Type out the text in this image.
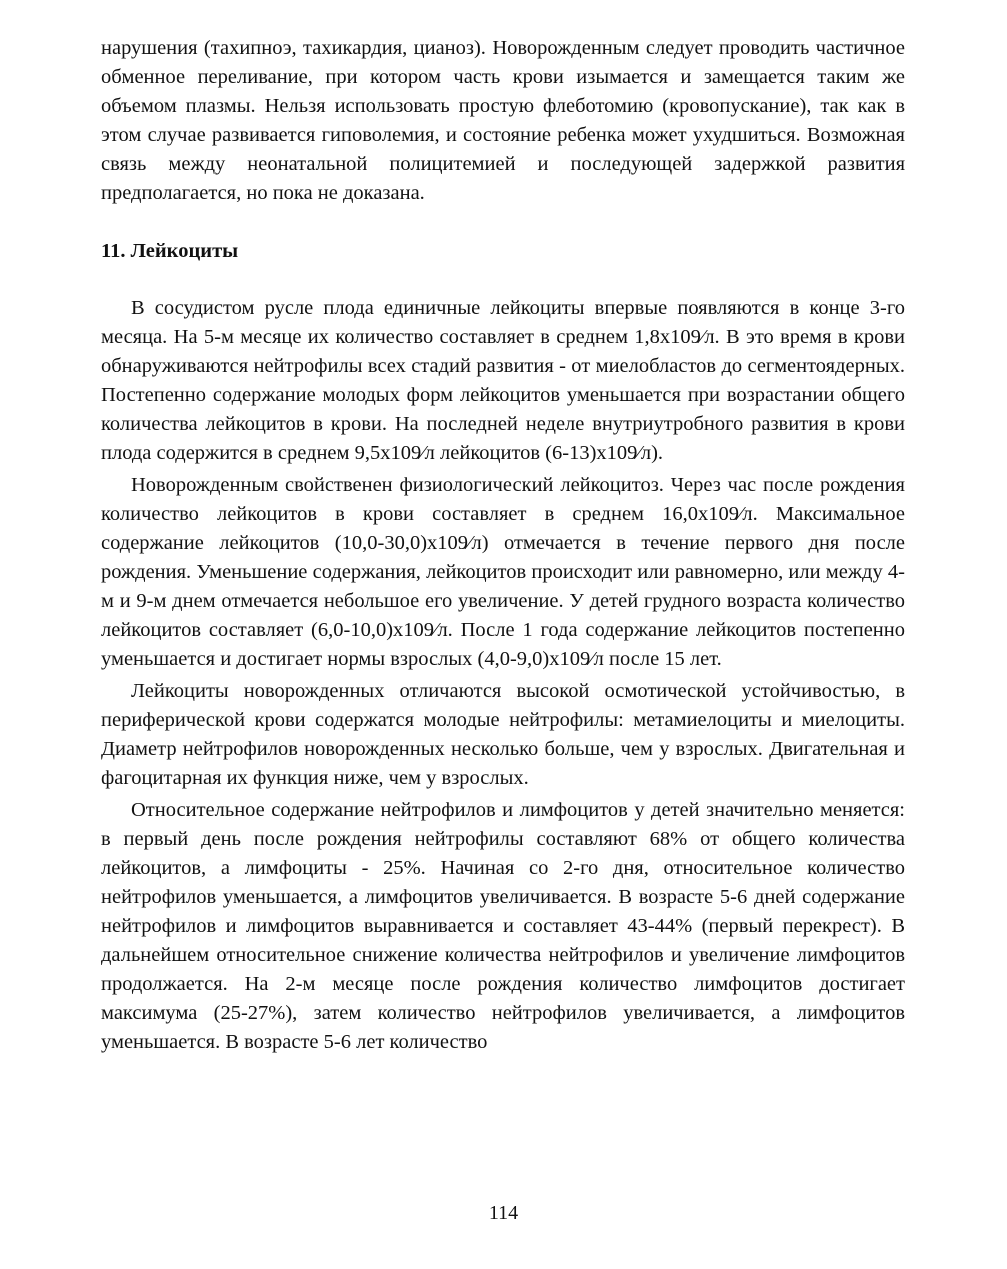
нарушения (тахипноэ, тахикардия, цианоз). Новорожденным следует проводить частичное обменное переливание, при котором часть крови изымается и замещается таким же объемом плазмы. Нельзя использовать простую флеботомию (кровопускание), так как в этом случае развивается гиповолемия, и состояние ребенка может ухудшиться. Возможная связь между неонатальной полицитемией и последующей задержкой развития предполагается, но пока не доказана.

11. Лейкоциты

В сосудистом русле плода единичные лейкоциты впервые появляются в конце 3-го месяца. На 5-м месяце их количество составляет в среднем 1,8х109⁄л. В это время в крови обнаруживаются нейтрофилы всех стадий развития - от миелобластов до сегментоядерных. Постепенно содержание молодых форм лейкоцитов уменьшается при возрастании общего количества лейкоцитов в крови. На последней неделе внутриутробного развития в крови плода содержится в среднем 9,5х109⁄л лейкоцитов (6-13)х109⁄л).

Новорожденным свойственен физиологический лейкоцитоз. Через час после рождения количество лейкоцитов в крови составляет в среднем 16,0х109⁄л. Максимальное содержание лейкоцитов (10,0-30,0)х109⁄л) отмечается в течение первого дня после рождения. Уменьшение содержания, лейкоцитов происходит или равномерно, или между 4-м и 9-м днем отмечается небольшое его увеличение. У детей грудного возраста количество лейкоцитов составляет (6,0-10,0)х109⁄л. После 1 года содержание лейкоцитов постепенно уменьшается и достигает нормы взрослых (4,0-9,0)х109⁄л после 15 лет.

Лейкоциты новорожденных отличаются высокой осмотической устойчивостью, в периферической крови содержатся молодые нейтрофилы: метамиелоциты и миелоциты. Диаметр нейтрофилов новорожденных несколько больше, чем у взрослых. Двигательная и фагоцитарная их функция ниже, чем у взрослых.

Относительное содержание нейтрофилов и лимфоцитов у детей значительно меняется: в первый день после рождения нейтрофилы составляют 68% от общего количества лейкоцитов, а лимфоциты - 25%. Начиная со 2-го дня, относительное количество нейтрофилов уменьшается, а лимфоцитов увеличивается. В возрасте 5-6 дней содержание нейтрофилов и лимфоцитов выравнивается и составляет 43-44% (первый перекрест). В дальнейшем относительное снижение количества нейтрофилов и увеличение лимфоцитов продолжается. На 2-м месяце после рождения количество лимфоцитов достигает максимума (25-27%), затем количество нейтрофилов увеличивается, а лимфоцитов уменьшается. В возрасте 5-6 лет количество

114
